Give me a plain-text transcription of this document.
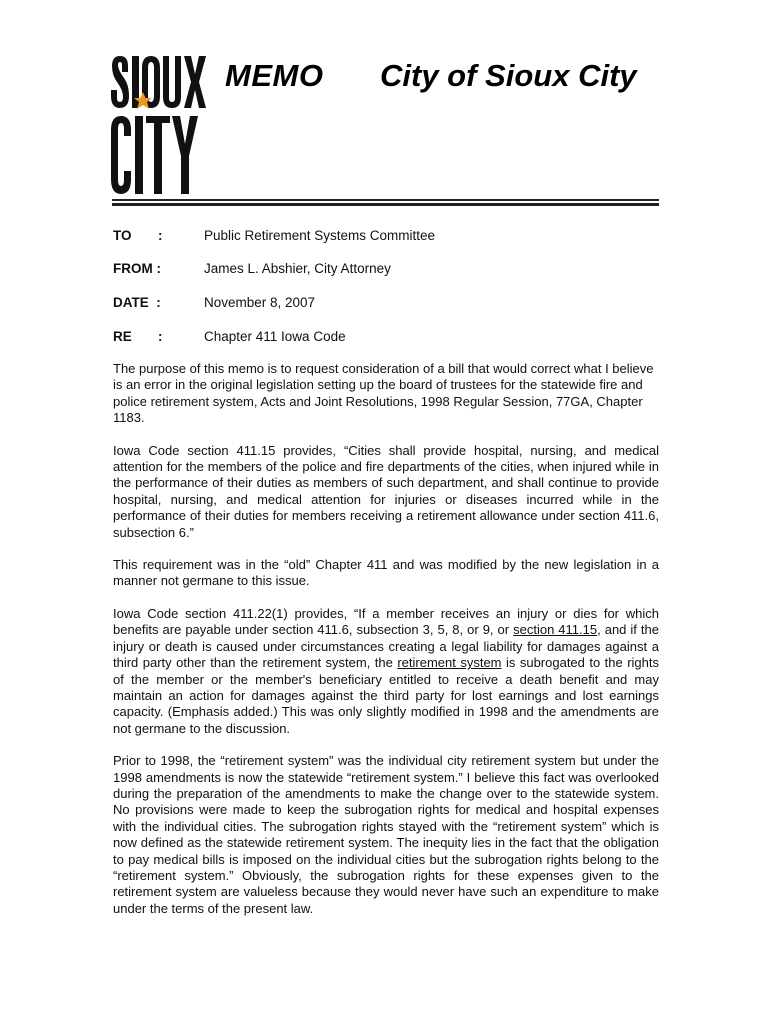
TM MEMO City of Sioux City
TO :	Public Retirement Systems Committee
FROM :	James L. Abshier, City Attorney
DATE  :	November 8, 2007
RE :	Chapter 411 Iowa Code

The purpose of this memo is to request consideration of a bill that would correct what I believe is an error in the original legislation setting up the board of trustees for the statewide fire and police retirement system, Acts and Joint Resolutions, 1998 Regular Session, 77GA, Chapter 1183.

Iowa Code section 411.15 provides, “Cities shall provide hospital, nursing, and medical attention for the members of the police and fire departments of the cities, when injured while in the performance of their duties as members of such department, and shall continue to provide hospital, nursing, and medical attention for injuries or diseases incurred while in the performance of their duties for members receiving a retirement allowance under section 411.6, subsection 6.”

This requirement was in the “old” Chapter 411 and was modified by the new legislation in a manner not germane to this issue.

Iowa Code section 411.22(1) provides, “If a member receives an injury or dies for which benefits are payable under section 411.6, subsection 3, 5, 8, or 9, or section 411.15, and if the injury or death is caused under circumstances creating a legal liability for damages against a third party other than the retirement system, the retirement system is subrogated to the rights of the member or the member's beneficiary entitled to receive a death benefit and may maintain an action for damages against the third party for lost earnings and lost earnings capacity. (Emphasis added.) This was only slightly modified in 1998 and the amendments are not germane to the discussion.

Prior to 1998, the “retirement system” was the individual city retirement system but under the 1998 amendments is now the statewide “retirement system.” I believe this fact was overlooked during the preparation of the amendments to make the change over to the statewide system. No provisions were made to keep the subrogation rights for medical and hospital expenses with the individual cities. The subrogation rights stayed with the “retirement system” which is now defined as the statewide retirement system. The inequity lies in the fact that the obligation to pay medical bills is imposed on the individual cities but the subrogation rights belong to the “retirement system.” Obviously, the subrogation rights for these expenses given to the retirement system are valueless because they would never have such an expenditure to make under the terms of the present law.
